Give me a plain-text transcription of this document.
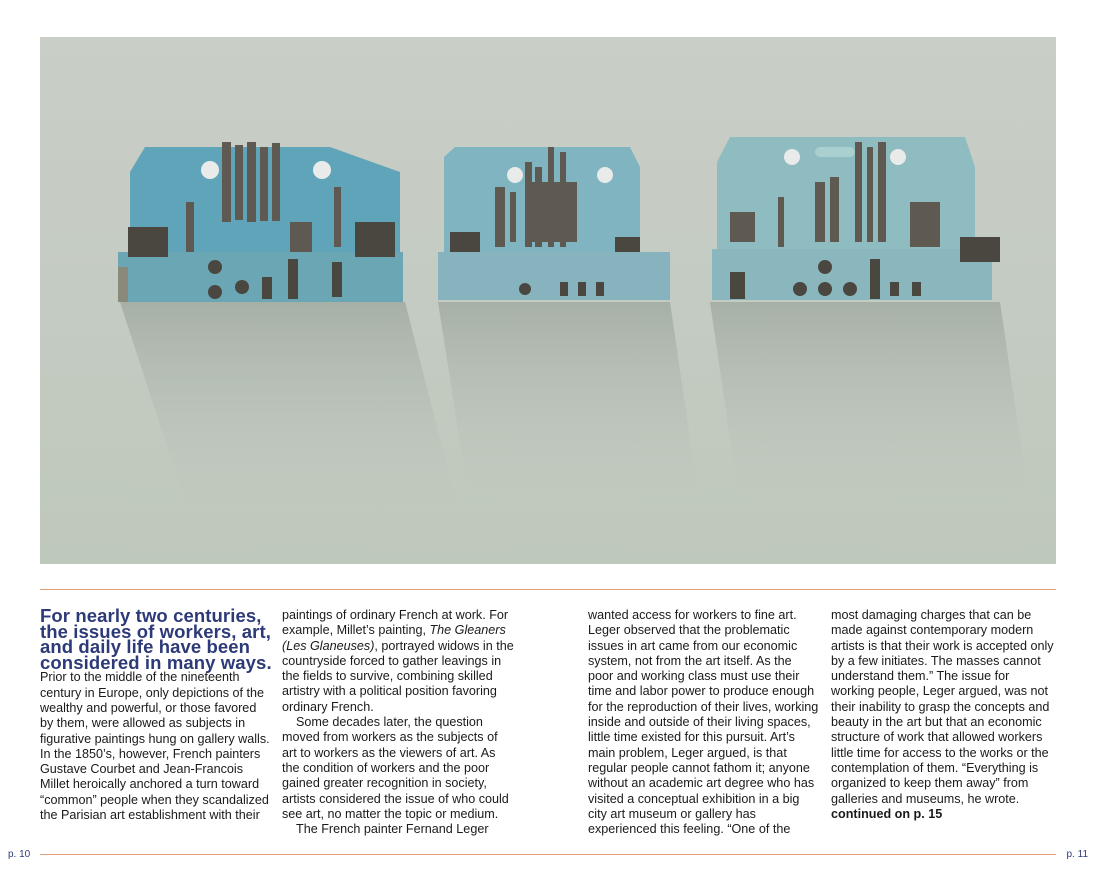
For nearly two centuries, the issues of workers, art, and daily life have been considered in many ways.

Prior to the middle of the nineteenth century in Europe, only depictions of the wealthy and powerful, or those favored by them, were allowed as subjects in figurative paintings hung on gallery walls. In the 1850’s, however, French painters Gustave Courbet and Jean-Francois Millet heroically anchored a turn toward “common” people when they scandalized the Parisian art establishment with their

paintings of ordinary French at work. For example, Millet’s painting, The Gleaners (Les Glaneuses), portrayed widows in the countryside forced to gather leavings in the fields to survive, combining skilled artistry with a political position favoring ordinary French.

Some decades later, the question moved from workers as the subjects of art to workers as the viewers of art. As the condition of workers and the poor gained greater recognition in society, artists considered the issue of who could see art, no matter the topic or medium.

The French painter Fernand Leger

wanted access for workers to fine art. Leger observed that the problematic issues in art came from our economic system, not from the art itself. As the poor and working class must use their time and labor power to produce enough for the reproduction of their lives, working inside and outside of their living spaces, little time existed for this pursuit. Art’s main problem, Leger argued, is that regular people cannot fathom it; anyone without an academic art degree who has visited a conceptual exhibition in a big city art museum or gallery has experienced this feeling. “One of the

most damaging charges that can be made against contemporary modern artists is that their work is accepted only by a few initiates. The masses cannot understand them.” The issue for working people, Leger argued, was not their inability to grasp the concepts and beauty in the art but that an economic structure of work that allowed workers little time for access to the works or the contemplation of them. “Everything is organized to keep them away” from galleries and museums, he wrote.

continued on p. 15

p. 10	p. 11
